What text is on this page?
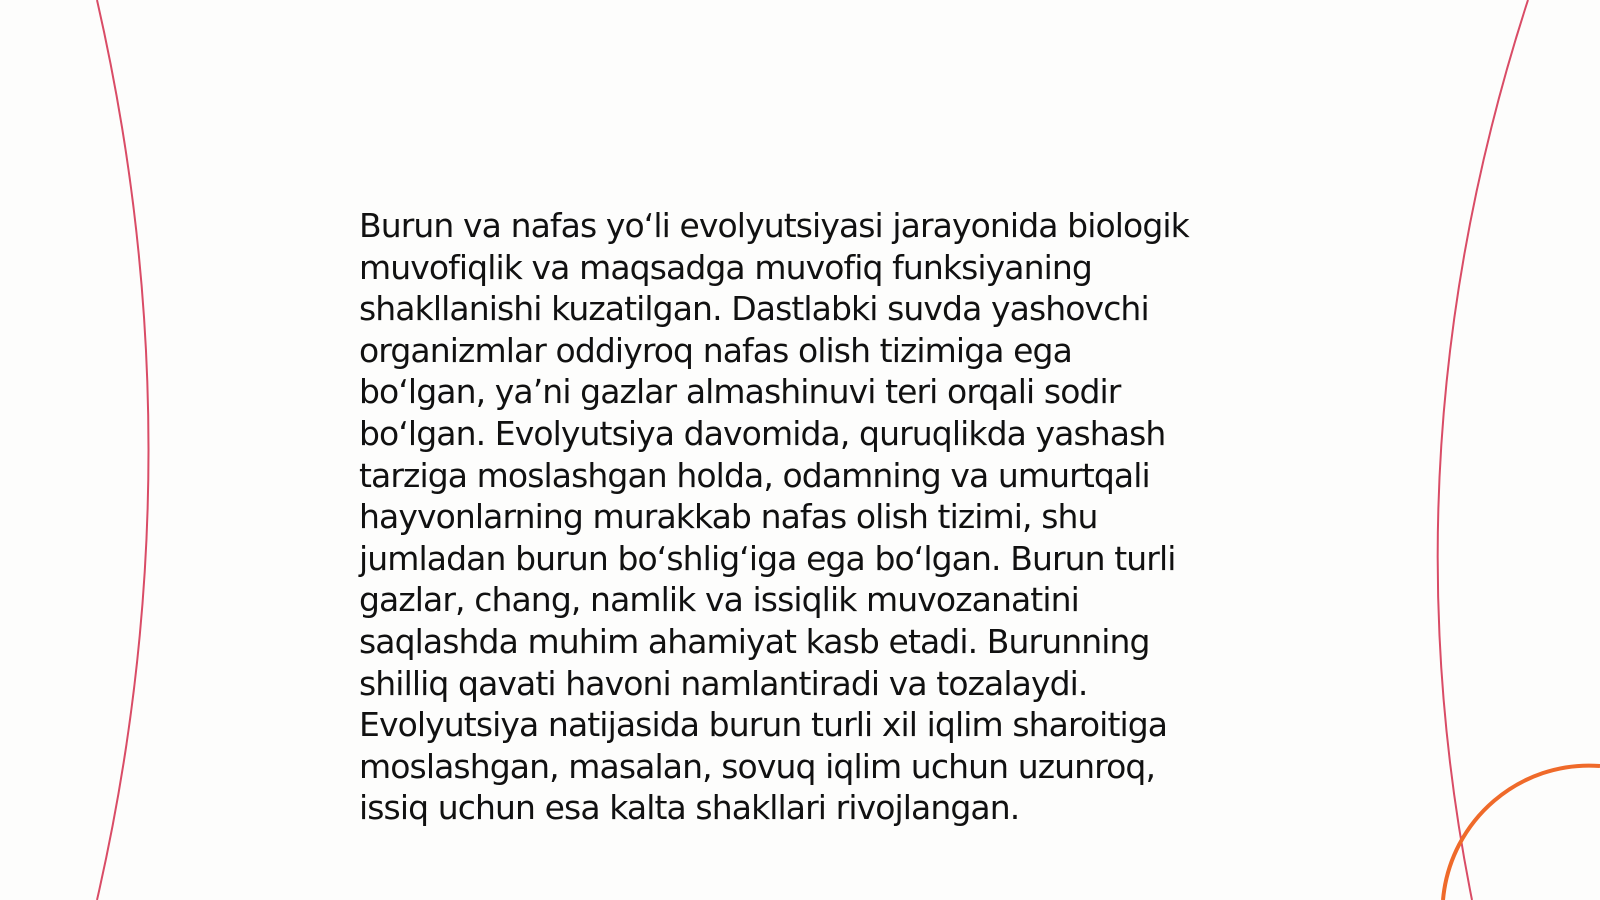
Burun va nafas yo‘li evolyutsiyasi jarayonida biologik
muvofiqlik va maqsadga muvofiq funksiyaning
shakllanishi kuzatilgan. Dastlabki suvda yashovchi
organizmlar oddiyroq nafas olish tizimiga ega
bo‘lgan, ya’ni gazlar almashinuvi teri orqali sodir
bo‘lgan. Evolyutsiya davomida, quruqlikda yashash
tarziga moslashgan holda, odamning va umurtqali
hayvonlarning murakkab nafas olish tizimi, shu
jumladan burun bo‘shlig‘iga ega bo‘lgan. Burun turli
gazlar, chang, namlik va issiqlik muvozanatini
saqlashda muhim ahamiyat kasb etadi. Burunning
shilliq qavati havoni namlantiradi va tozalaydi.
Evolyutsiya natijasida burun turli xil iqlim sharoitiga
moslashgan, masalan, sovuq iqlim uchun uzunroq,
issiq uchun esa kalta shakllari rivojlangan.
